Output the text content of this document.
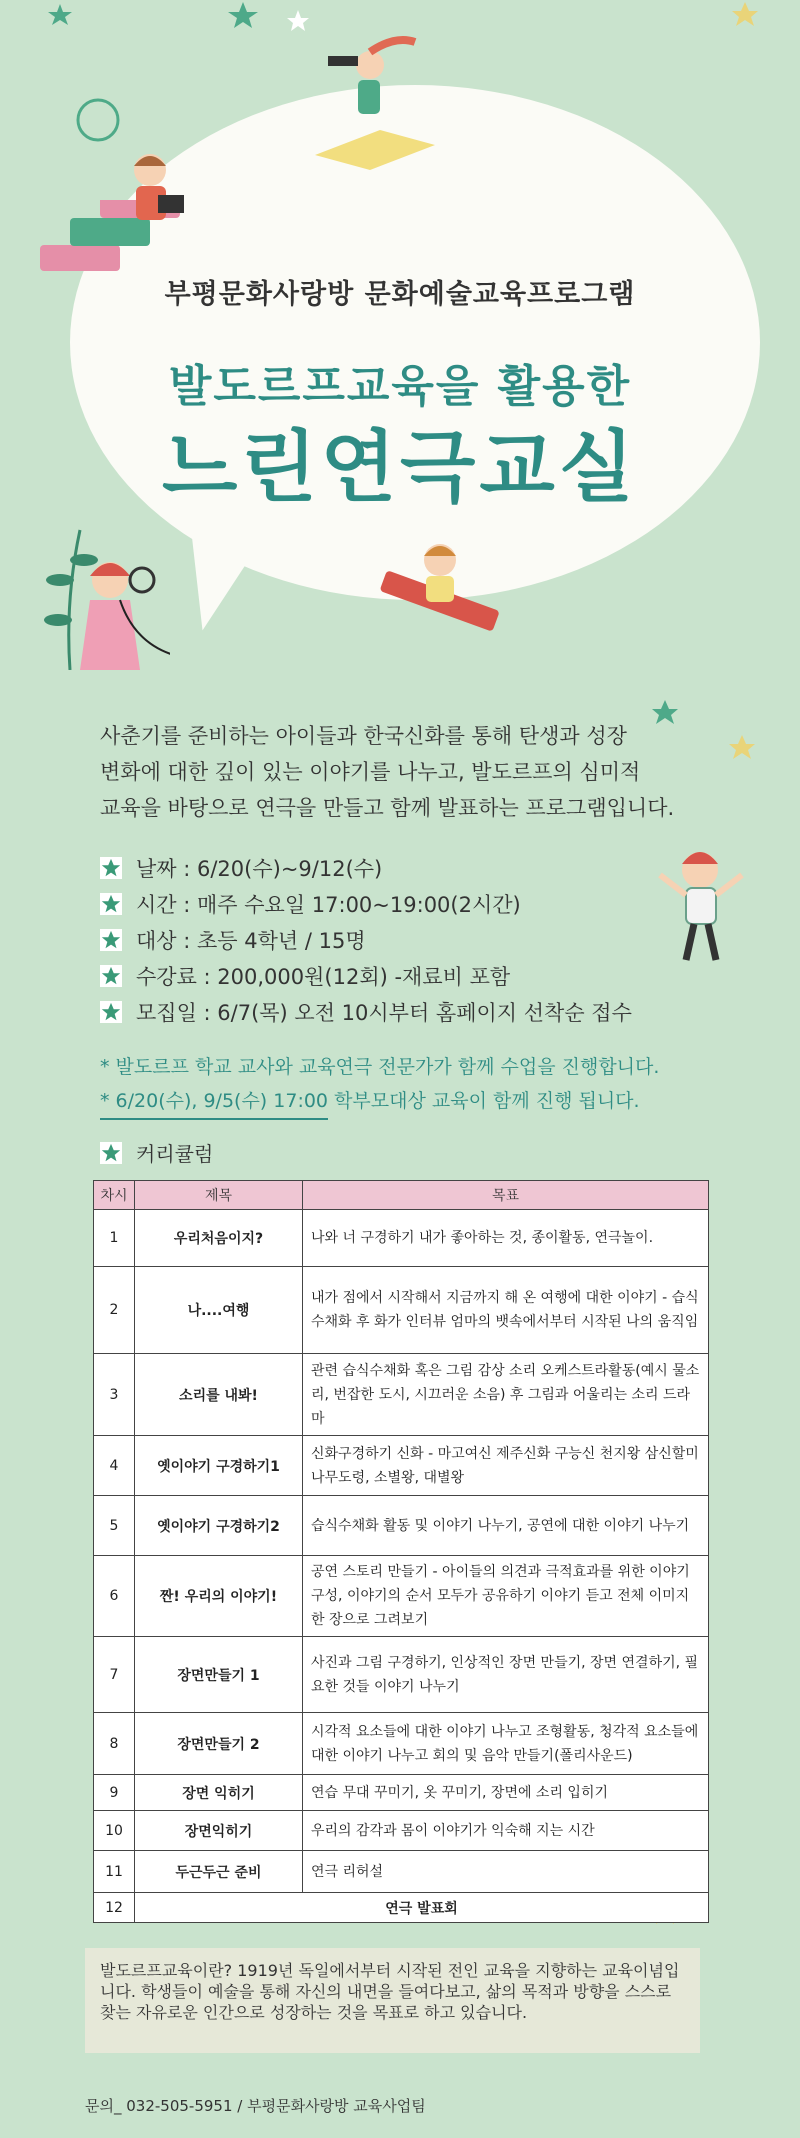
부평문화사랑방 문화예술교육프로그램
발도르프교육을 활용한
느린연극교실
사춘기를 준비하는 아이들과 한국신화를 통해 탄생과 성장
변화에 대한 깊이 있는 이야기를 나누고, 발도르프의 심미적
교육을 바탕으로 연극을 만들고 함께 발표하는 프로그램입니다.
날짜 : 6/20(수)~9/12(수)
시간 : 매주 수요일 17:00~19:00(2시간)
대상 : 초등 4학년 / 15명
수강료 : 200,000원(12회) -재료비 포함
모집일 : 6/7(목) 오전 10시부터 홈페이지 선착순 접수
* 발도르프 학교 교사와 교육연극 전문가가 함께 수업을 진행합니다.
* 6/20(수), 9/5(수) 17:00 학부모대상 교육이 함께 진행 됩니다.
커리큘럼
차시	제목	목표
1	우리처음이지?	나와 너 구경하기 내가 좋아하는 것, 종이활동, 연극놀이.
2	나....여행	내가 점에서 시작해서 지금까지 해 온 여행에 대한 이야기 - 습식수채화 후 화가 인터뷰 엄마의 뱃속에서부터 시작된 나의 움직임
3	소리를 내봐!	관련 습식수채화 혹은 그림 감상 소리 오케스트라활동(예시 물소리, 번잡한 도시, 시끄러운 소음) 후 그림과 어울리는 소리 드라마
4	옛이야기 구경하기1	신화구경하기 신화 - 마고여신 제주신화 구능신 천지왕 삼신할미 나무도령, 소별왕, 대별왕
5	옛이야기 구경하기2	습식수채화 활동 및 이야기 나누기, 공연에 대한 이야기 나누기
6	짠! 우리의 이야기!	공연 스토리 만들기 - 아이들의 의견과 극적효과를 위한 이야기 구성, 이야기의 순서 모두가 공유하기 이야기 듣고 전체 이미지 한 장으로 그려보기
7	장면만들기 1	사진과 그림 구경하기, 인상적인 장면 만들기, 장면 연결하기, 필요한 것들 이야기 나누기
8	장면만들기 2	시각적 요소들에 대한 이야기 나누고 조형활동, 청각적 요소들에 대한 이야기 나누고 회의 및 음악 만들기(폴리사운드)
9	장면 익히기	연습 무대 꾸미기, 옷 꾸미기, 장면에 소리 입히기
10	장면익히기	우리의 감각과 몸이 이야기가 익숙해 지는 시간
11	두근두근 준비	연극 리허설
12	연극 발표회	
발도르프교육이란? 1919년 독일에서부터 시작된 전인 교육을 지향하는 교육이념입니다. 학생들이 예술을 통해 자신의 내면을 들여다보고, 삶의 목적과 방향을 스스로 찾는 자유로운 인간으로 성장하는 것을 목표로 하고 있습니다.
문의_ 032-505-5951 / 부평문화사랑방 교육사업팀
